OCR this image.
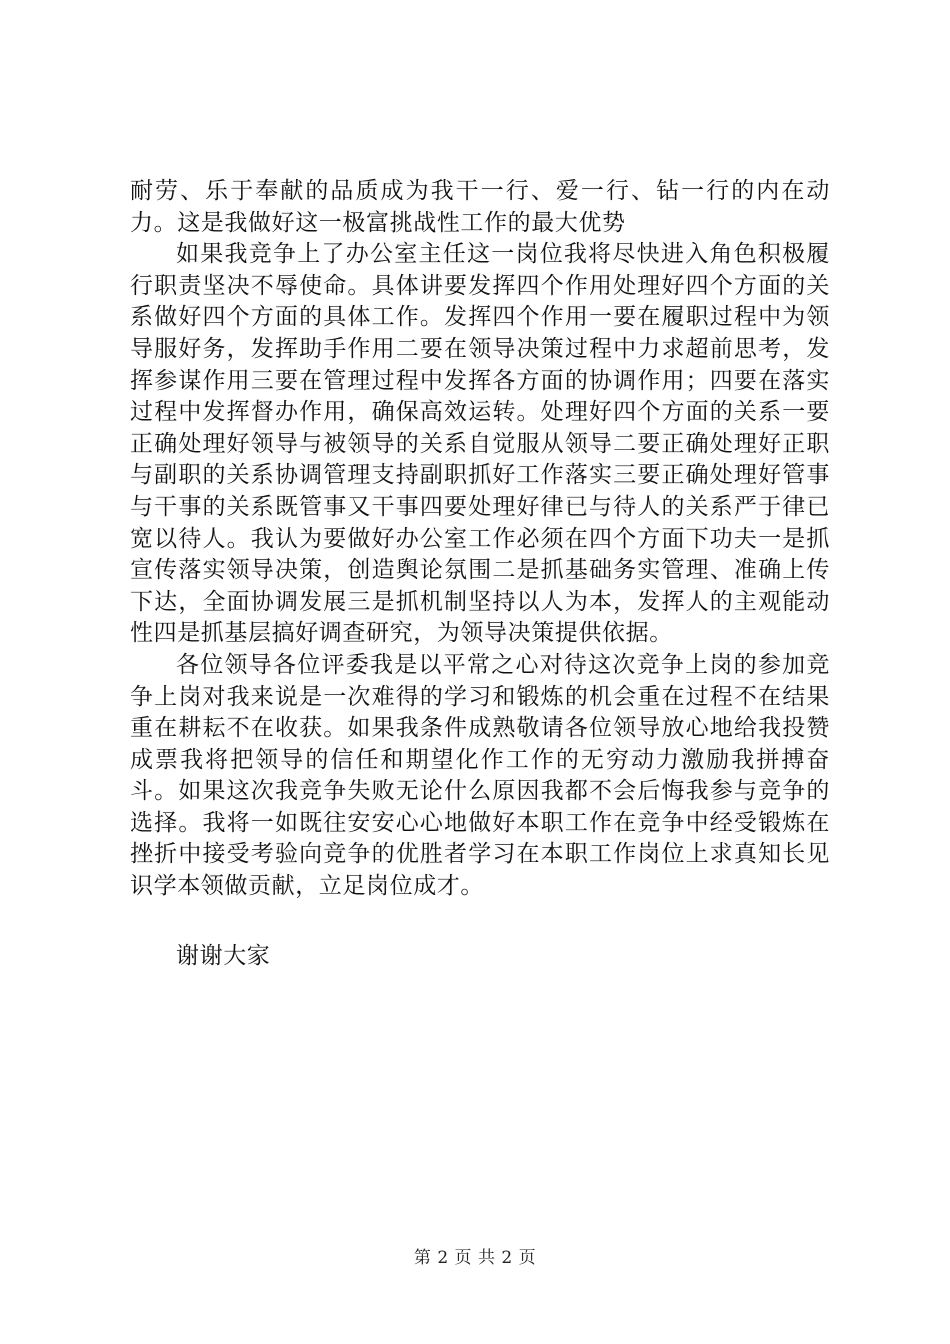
耐劳、乐于奉献的品质成为我干一行、爱一行、钻一行的内在动力。这是我做好这一极富挑战性工作的最大优势

如果我竞争上了办公室主任这一岗位我将尽快进入角色积极履行职责坚决不辱使命。具体讲要发挥四个作用处理好四个方面的关系做好四个方面的具体工作。发挥四个作用一要在履职过程中为领导服好务，发挥助手作用二要在领导决策过程中力求超前思考，发挥参谋作用三要在管理过程中发挥各方面的协调作用；四要在落实过程中发挥督办作用，确保高效运转。处理好四个方面的关系一要正确处理好领导与被领导的关系自觉服从领导二要正确处理好正职与副职的关系协调管理支持副职抓好工作落实三要正确处理好管事与干事的关系既管事又干事四要处理好律已与待人的关系严于律已宽以待人。我认为要做好办公室工作必须在四个方面下功夫一是抓宣传落实领导决策，创造舆论氛围二是抓基础务实管理、准确上传下达，全面协调发展三是抓机制坚持以人为本，发挥人的主观能动性四是抓基层搞好调查研究，为领导决策提供依据。

各位领导各位评委我是以平常之心对待这次竞争上岗的参加竞争上岗对我来说是一次难得的学习和锻炼的机会重在过程不在结果重在耕耘不在收获。如果我条件成熟敬请各位领导放心地给我投赞成票我将把领导的信任和期望化作工作的无穷动力激励我拼搏奋斗。如果这次我竞争失败无论什么原因我都不会后悔我参与竞争的选择。我将一如既往安安心心地做好本职工作在竞争中经受锻炼在挫折中接受考验向竞争的优胜者学习在本职工作岗位上求真知长见识学本领做贡献，立足岗位成才。

谢谢大家
第 2 页 共 2 页
